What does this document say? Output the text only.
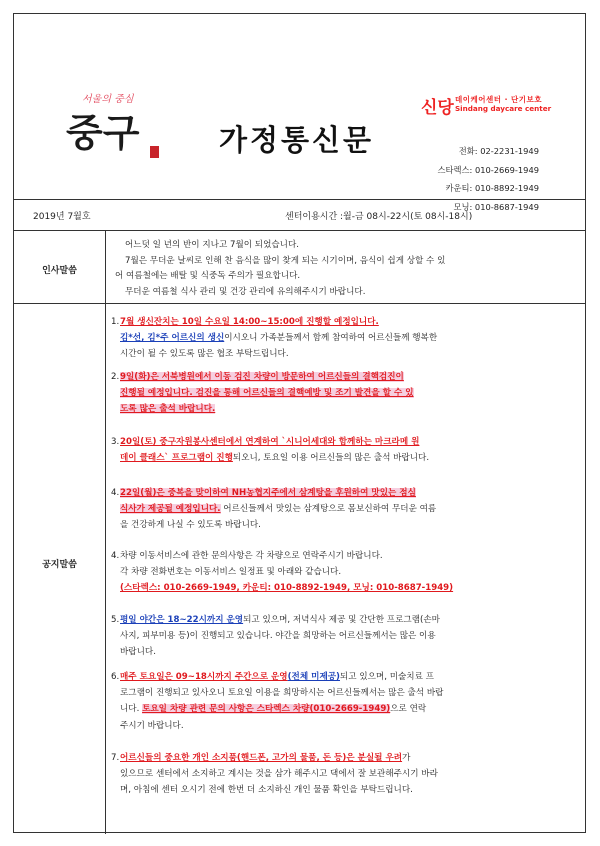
서울의 중심
중구	가정통신문
신당 데이케어센터 · 단기보호
Sindang daycare center
전화: 02-2231-1949
스타렉스: 010-2669-1949
카운티: 010-8892-1949
모닝: 010-8687-1949
2019년 7월호	센터이용시간 :월-금 08시-22시(토 08시-18시)
인사말씀
어느덧 일 년의 반이 지나고 7월이 되었습니다.
7월은 무더운 날씨로 인해 찬 음식을 많이 찾게 되는 시기이며, 음식이 쉽게 상할 수 있
어 여름철에는 배탈 및 식중독 주의가 필요합니다.
무더운 여름철 식사 관리 및 건강 관리에 유의해주시기 바랍니다.
공지말씀
1. 7월 생신잔치는 10일 수요일 14:00~15:00에 진행할 예정입니다.
김*선, 김*주 어르신의 생신이시오니 가족분들께서 함께 참여하여 어르신들께 행복한
시간이 될 수 있도록 많은 협조 부탁드립니다.
2. 9일(화)은 서북병원에서 이동 검진 차량이 방문하여 어르신들의 결핵검진이
진행될 예정입니다. 검진을 통해 어르신들의 결핵예방 및 조기 발견을 할 수 있
도록 많은 출석 바랍니다.
3. 20일(토) 중구자원봉사센터에서 연계하여 `시니어세대와 함께하는 마크라메 원
데이 클래스` 프로그램이 진행되오니, 토요일 이용 어르신들의 많은 출석 바랍니다.
4. 22일(월)은 중복을 맞이하여 NH농협지주에서 삼계탕을 후원하여 맛있는 점심
식사가 제공될 예정입니다. 어르신들께서 맛있는 삼계탕으로 몸보신하여 무더운 여름
을 건강하게 나실 수 있도록 바랍니다.
4. 차량 이동서비스에 관한 문의사항은 각 차량으로 연락주시기 바랍니다.
각 차량 전화번호는 이동서비스 일정표 및 아래와 같습니다.
(스타렉스: 010-2669-1949, 카운티: 010-8892-1949, 모닝: 010-8687-1949)
5. 평일 야간은 18~22시까지 운영되고 있으며, 저녁식사 제공 및 간단한 프로그램(손마
사지, 피부미용 등)이 진행되고 있습니다. 야간을 희망하는 어르신들께서는 많은 이용
바랍니다.
6. 매주 토요일은 09~18시까지 주간으로 운영(전체 미제공)되고 있으며, 미술치료 프
로그램이 진행되고 있사오니 토요일 이용을 희망하시는 어르신들께서는 많은 출석 바랍
니다. 토요일 차량 관련 문의 사항은 스타렉스 차량(010-2669-1949)으로 연락
주시기 바랍니다.
7. 어르신들의 중요한 개인 소지품(핸드폰, 고가의 물품, 돈 등)은 분실될 우려가
있으므로 센터에서 소지하고 계시는 것을 삼가 해주시고 댁에서 잘 보관해주시기 바라
며, 아침에 센터 오시기 전에 한번 더 소지하신 개인 물품 확인을 부탁드립니다.
